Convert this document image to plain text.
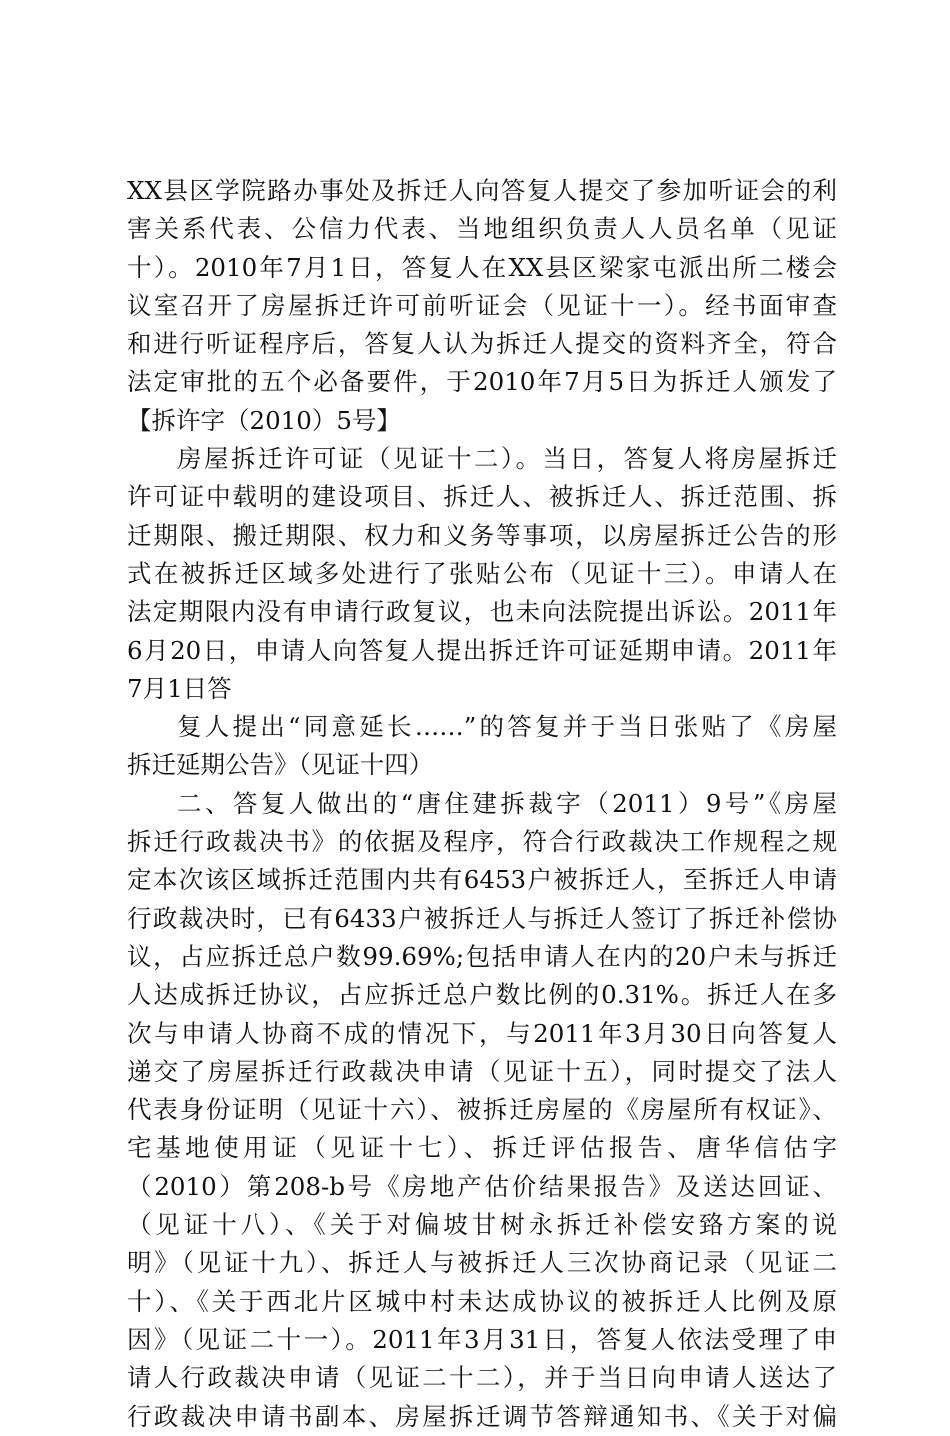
XX县区学院路办事处及拆迁人向答复人提交了参加听证会的利
害关系代表、公信力代表、当地组织负责人人员名单（见证
十）。2010年7月1日，答复人在XX县区梁家屯派出所二楼会
议室召开了房屋拆迁许可前听证会（见证十一）。经书面审查
和进行听证程序后，答复人认为拆迁人提交的资料齐全，符合
法定审批的五个必备要件，于2010年7月5日为拆迁人颁发了
【拆许字（2010）5号】
房屋拆迁许可证（见证十二）。当日，答复人将房屋拆迁
许可证中载明的建设项目、拆迁人、被拆迁人、拆迁范围、拆
迁期限、搬迁期限、权力和义务等事项，以房屋拆迁公告的形
式在被拆迁区域多处进行了张贴公布（见证十三）。申请人在
法定期限内没有申请行政复议，也未向法院提出诉讼。2011年
6月20日，申请人向答复人提出拆迁许可证延期申请。2011年
7月1日答
复人提出“同意延长……”的答复并于当日张贴了《房屋
拆迁延期公告》（见证十四）
二、答复人做出的“唐住建拆裁字（2011）9号”《房屋
拆迁行政裁决书》的依据及程序，符合行政裁决工作规程之规
定本次该区域拆迁范围内共有6453户被拆迁人，至拆迁人申请
行政裁决时，已有6433户被拆迁人与拆迁人签订了拆迁补偿协
议，占应拆迁总户数99.69%;包括申请人在内的20户未与拆迁
人达成拆迁协议，占应拆迁总户数比例的0.31%。拆迁人在多
次与申请人协商不成的情况下，与2011年3月30日向答复人
递交了房屋拆迁行政裁决申请（见证十五），同时提交了法人
代表身份证明（见证十六）、被拆迁房屋的《房屋所有权证》、
宅基地使用证（见证十七）、拆迁评估报告、唐华信估字
（2010）第208-b号《房地产估价结果报告》及送达回证、
（见证十八）、《关于对偏坡甘树永拆迁补偿安臵方案的说
明》（见证十九）、拆迁人与被拆迁人三次协商记录（见证二
十）、《关于西北片区城中村未达成协议的被拆迁人比例及原
因》（见证二十一）。2011年3月31日，答复人依法受理了申
请人行政裁决申请（见证二十二），并于当日向申请人送达了
行政裁决申请书副本、房屋拆迁调节答辩通知书、《关于对偏
